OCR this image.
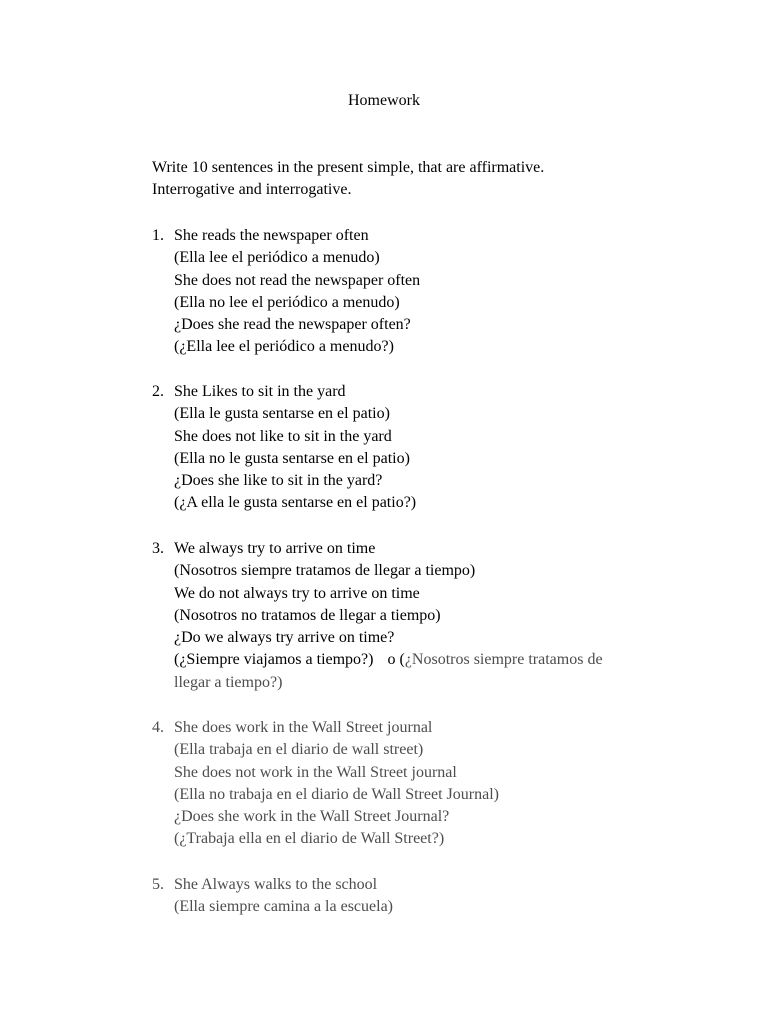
Homework
Write 10 sentences in the present simple, that are affirmative.
Interrogative and interrogative.
1. She reads the newspaper often
(Ella lee el periódico a menudo)
She does not read the newspaper often
(Ella no lee el periódico a menudo)
¿Does she read the newspaper often?
(¿Ella lee el periódico a menudo?)
2. She Likes to sit in the yard
(Ella le gusta sentarse en el patio)
She does not like to sit in the yard
(Ella no le gusta sentarse en el patio)
¿Does she like to sit in the yard?
(¿A ella le gusta sentarse en el patio?)
3. We always try to arrive on time
(Nosotros siempre tratamos de llegar a tiempo)
We do not always try to arrive on time
(Nosotros no tratamos de llegar a tiempo)
¿Do we always try arrive on time?
(¿Siempre viajamos a tiempo?) o (¿Nosotros siempre tratamos de
llegar a tiempo?)
4. She does work in the Wall Street journal
(Ella trabaja en el diario de wall street)
She does not work in the Wall Street journal
(Ella no trabaja en el diario de Wall Street Journal)
¿Does she work in the Wall Street Journal?
(¿Trabaja ella en el diario de Wall Street?)
5. She Always walks to the school
(Ella siempre camina a la escuela)
